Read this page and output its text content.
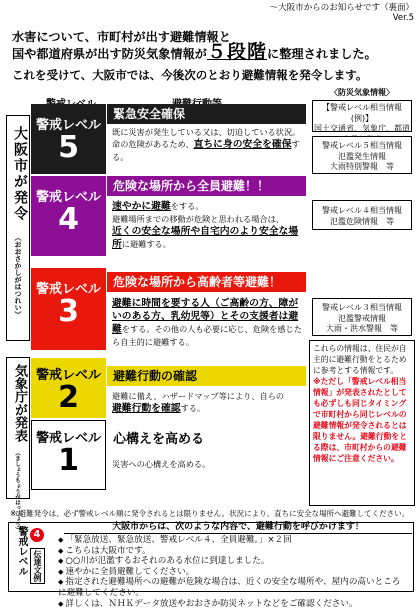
～大阪市からのお知らせです（裏面）
Ver.5
水害について、市町村が出す避難情報と
国や都道府県が出す防災気象情報が５段階に整理されました。
これを受けて、大阪市では、今後次のとおり避難情報を発令します。
〈防災気象情報〉
大阪市が発令
（おおさかしがはつれい）
気象庁が発表
（きしょうちょうがはっぴょう）
警戒レベル
5
緊急安全確保
既に災害が発生している又は、切迫している状況。
命の危険があるため、直ちに身の安全を確保する。
警戒レベル
4
危険な場所から全員避難！！
速やかに避難をする。
避難場所までの移動が危険と思われる場合は、
近くの安全な場所や自宅内のより安全な場所に避難する。
警戒レベル
3
危険な場所から高齢者等避難！
避難に時間を要する人（ご高齢の方、障がいのある方、乳幼児等）とその支援者は避難をする。その他の人も必要に応じ、危険を感じたら自主的に避難する。
警戒レベル
2
避難行動の確認
避難に備え、ハザードマップ等により、自らの
避難行動を確認する。
警戒レベル
1
心構えを高める
災害への心構えを高める。
【警戒レベル相当情報(例)】
国土交通省、気象庁、都道
警戒レベル５相当情報
氾濫発生情報
大雨特別警報　等
警戒レベル４相当情報
氾濫危険情報　等
警戒レベル３相当情報
氾濫警戒情報
大雨・洪水警報　等
これらの情報は、住民が自主的に避難行動をとるために参考とする情報です。
※ただし「警戒レベル相当情報」が発表されたとしても必ずしも同じタイミングで市町村から同じレベルの避難情報が発令されるとは限りません。避難行動をとる際は、市町村からの避難情報にご注意ください。
※ 避難発令は、必ず警戒レベル順に発令されるとは限りません。状況により、直ちに安全な場所へ避難してください。
大阪市からは、次のような内容で、避難行動を呼びかけます！
警戒レベル 4
伝達文例
◆ 「緊急放送、緊急放送、警戒レベル４、全員避難。」×２回
◆ こちらは大阪市です。
◆ ○○川が氾濫するおそれのある水位に到達しました。
◆ 速やかに全員避難してください。
◆ 指定された避難場所への避難が危険な場合は、近くの安全な場所や、屋内の高いところに避難してください。
◆ 詳しくは、ＮＨＫデータ放送やおおさか防災ネットなどをご確認ください。
